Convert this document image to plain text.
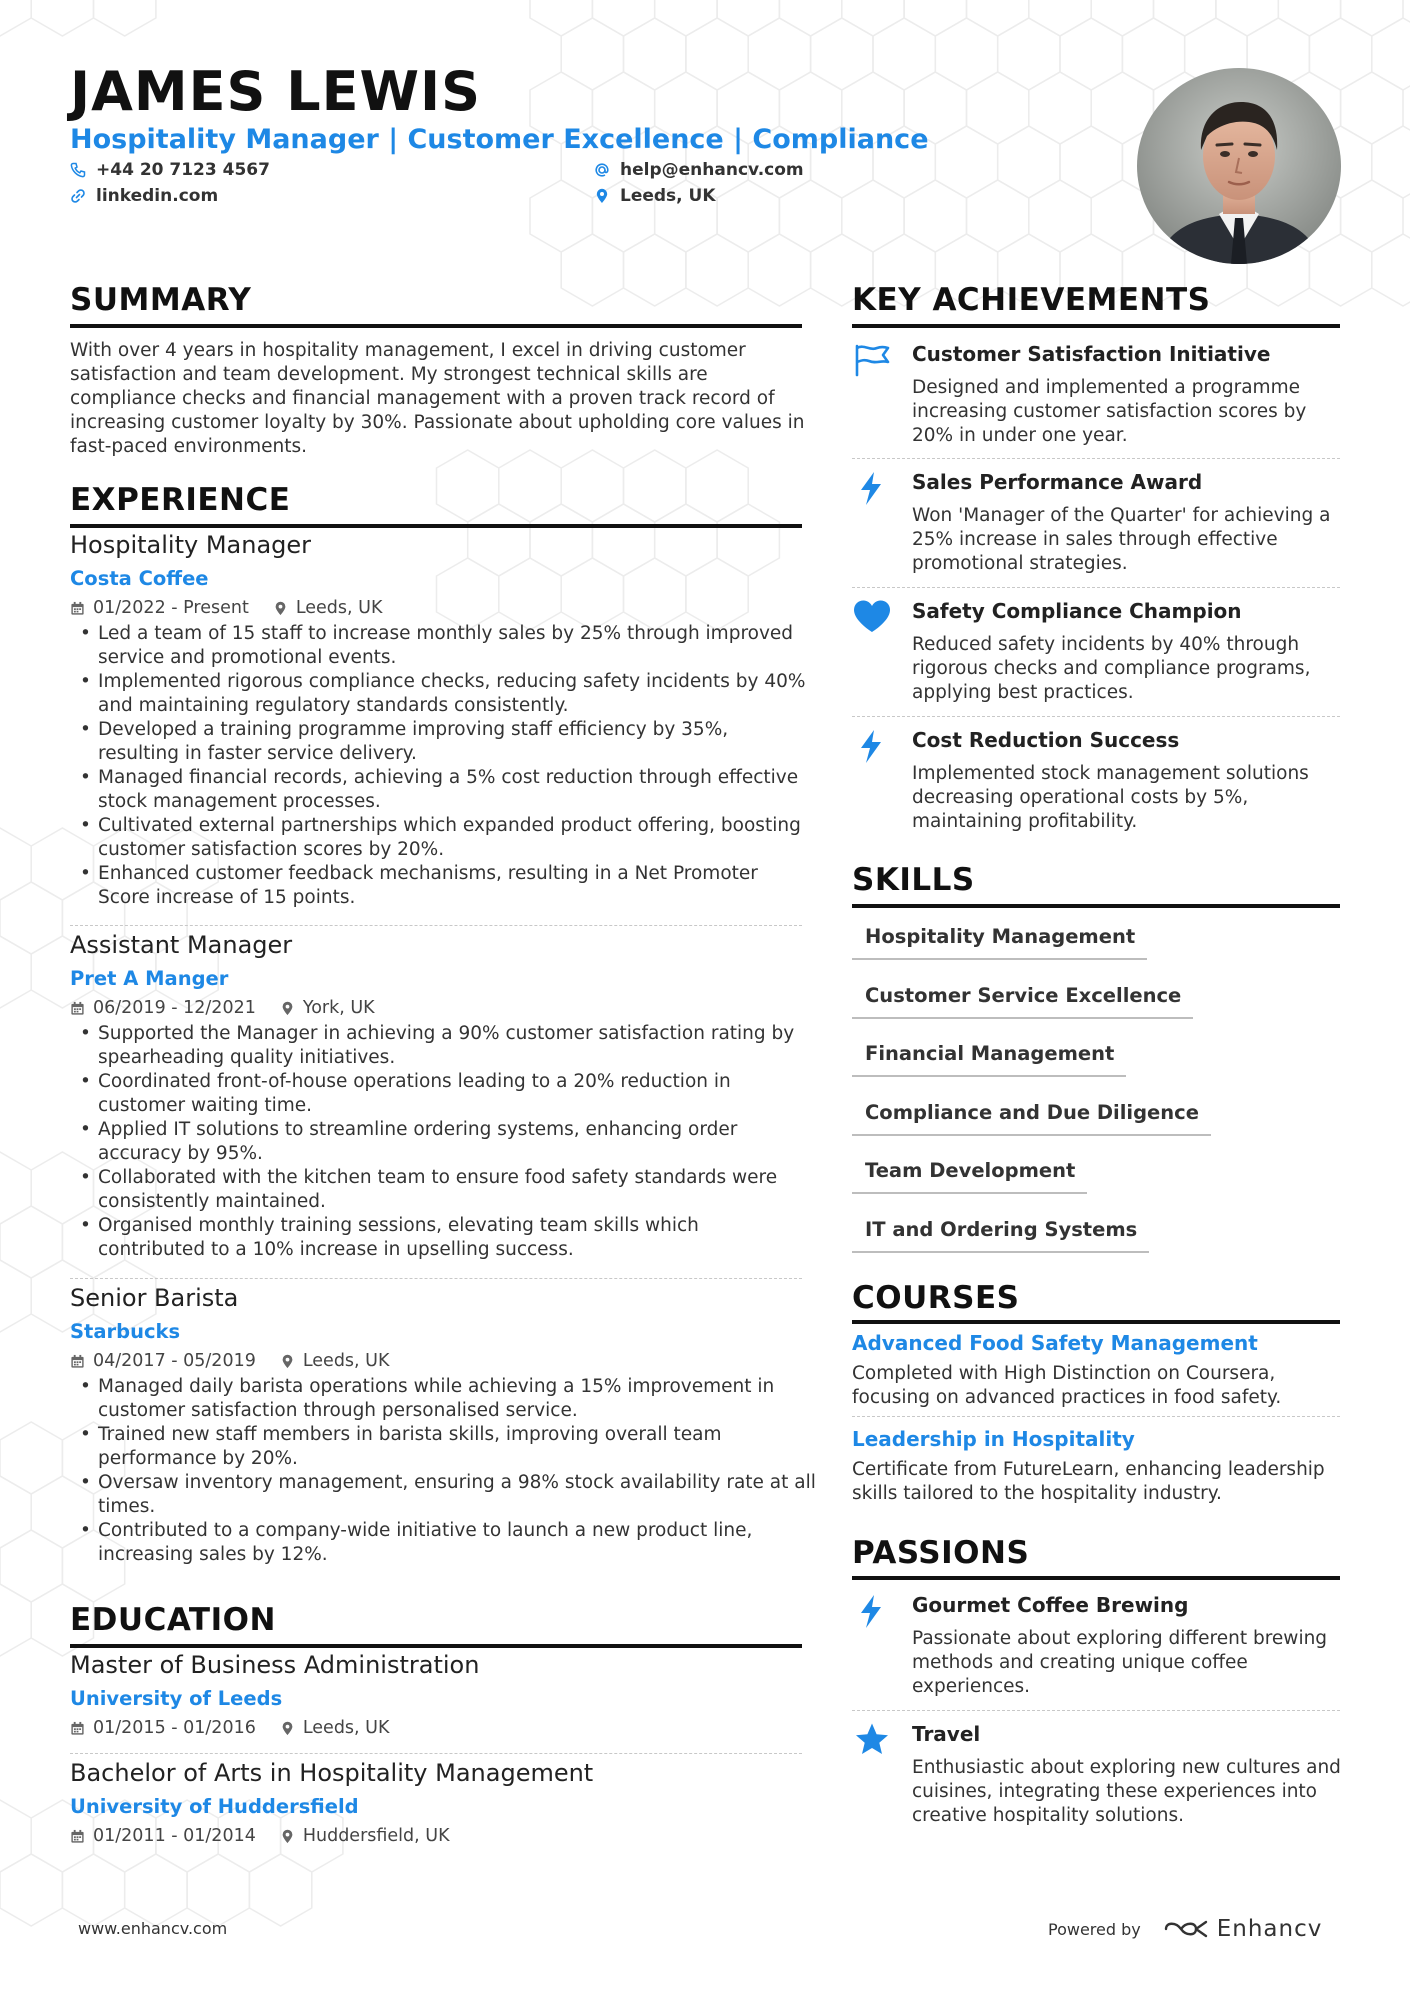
JAMES LEWIS
Hospitality Manager | Customer Excellence | Compliance
+44 20 7123 4567	help@enhancv.com
linkedin.com	Leeds, UK
SUMMARY
With over 4 years in hospitality management, I excel in driving customer
satisfaction and team development. My strongest technical skills are
compliance checks and financial management with a proven track record of
increasing customer loyalty by 30%. Passionate about upholding core values in
fast-paced environments.
EXPERIENCE
Hospitality Manager
Costa Coffee
01/2022 - Present	Leeds, UK
• Led a team of 15 staff to increase monthly sales by 25% through improved
service and promotional events.
• Implemented rigorous compliance checks, reducing safety incidents by 40%
and maintaining regulatory standards consistently.
• Developed a training programme improving staff efficiency by 35%,
resulting in faster service delivery.
• Managed financial records, achieving a 5% cost reduction through effective
stock management processes.
• Cultivated external partnerships which expanded product offering, boosting
customer satisfaction scores by 20%.
• Enhanced customer feedback mechanisms, resulting in a Net Promoter
Score increase of 15 points.
Assistant Manager
Pret A Manger
06/2019 - 12/2021	York, UK
• Supported the Manager in achieving a 90% customer satisfaction rating by
spearheading quality initiatives.
• Coordinated front-of-house operations leading to a 20% reduction in
customer waiting time.
• Applied IT solutions to streamline ordering systems, enhancing order
accuracy by 95%.
• Collaborated with the kitchen team to ensure food safety standards were
consistently maintained.
• Organised monthly training sessions, elevating team skills which
contributed to a 10% increase in upselling success.
Senior Barista
Starbucks
04/2017 - 05/2019	Leeds, UK
• Managed daily barista operations while achieving a 15% improvement in
customer satisfaction through personalised service.
• Trained new staff members in barista skills, improving overall team
performance by 20%.
• Oversaw inventory management, ensuring a 98% stock availability rate at all
times.
• Contributed to a company-wide initiative to launch a new product line,
increasing sales by 12%.
EDUCATION
Master of Business Administration
University of Leeds
01/2015 - 01/2016	Leeds, UK
Bachelor of Arts in Hospitality Management
University of Huddersfield
01/2011 - 01/2014	Huddersfield, UK
KEY ACHIEVEMENTS
Customer Satisfaction Initiative
Designed and implemented a programme
increasing customer satisfaction scores by
20% in under one year.
Sales Performance Award
Won 'Manager of the Quarter' for achieving a
25% increase in sales through effective
promotional strategies.
Safety Compliance Champion
Reduced safety incidents by 40% through
rigorous checks and compliance programs,
applying best practices.
Cost Reduction Success
Implemented stock management solutions
decreasing operational costs by 5%,
maintaining profitability.
SKILLS
Hospitality Management
Customer Service Excellence
Financial Management
Compliance and Due Diligence
Team Development
IT and Ordering Systems
COURSES
Advanced Food Safety Management
Completed with High Distinction on Coursera,
focusing on advanced practices in food safety.
Leadership in Hospitality
Certificate from FutureLearn, enhancing leadership
skills tailored to the hospitality industry.
PASSIONS
Gourmet Coffee Brewing
Passionate about exploring different brewing
methods and creating unique coffee
experiences.
Travel
Enthusiastic about exploring new cultures and
cuisines, integrating these experiences into
creative hospitality solutions.
www.enhancv.com	Powered by	Enhancv
